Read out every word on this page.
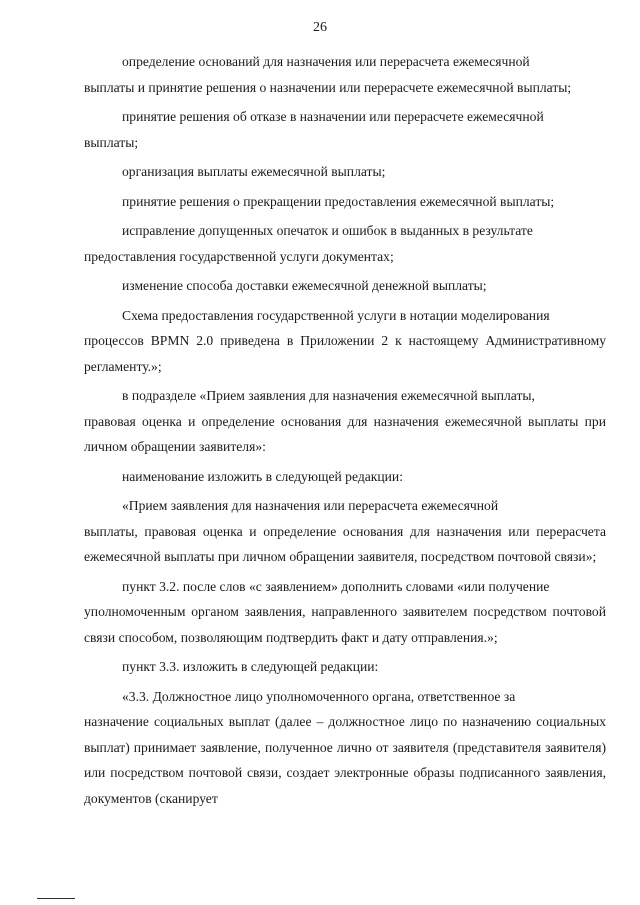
26
определение оснований для назначения или перерасчета ежемесячной
выплаты и принятие решения о назначении или перерасчете ежемесячной выплаты;
принятие решения об отказе в назначении или перерасчете ежемесячной
выплаты;
организация выплаты ежемесячной выплаты;
принятие решения о прекращении предоставления ежемесячной выплаты;
исправление допущенных опечаток и ошибок в выданных в результате
предоставления государственной услуги документах;
изменение способа доставки ежемесячной денежной выплаты;
Схема предоставления государственной услуги в нотации моделирования
процессов BPMN 2.0 приведена в Приложении 2 к настоящему Административному регламенту.»;
в подразделе «Прием заявления для назначения ежемесячной выплаты,
правовая оценка и определение основания для назначения ежемесячной выплаты при личном обращении заявителя»:
наименование изложить в следующей редакции:
«Прием заявления для назначения или перерасчета ежемесячной
выплаты, правовая оценка и определение основания для назначения или перерасчета ежемесячной выплаты при личном обращении заявителя, посредством почтовой связи»;
пункт 3.2. после слов «с заявлением» дополнить словами «или получение
уполномоченным органом заявления, направленного заявителем посредством почтовой связи способом, позволяющим подтвердить факт и дату отправления.»;
пункт 3.3. изложить в следующей редакции:
«3.3. Должностное лицо уполномоченного органа, ответственное за
назначение социальных выплат (далее – должностное лицо по назначению социальных выплат) принимает заявление, полученное лично от заявителя (представителя заявителя) или посредством почтовой связи, создает электронные образы подписанного заявления, документов (сканирует
